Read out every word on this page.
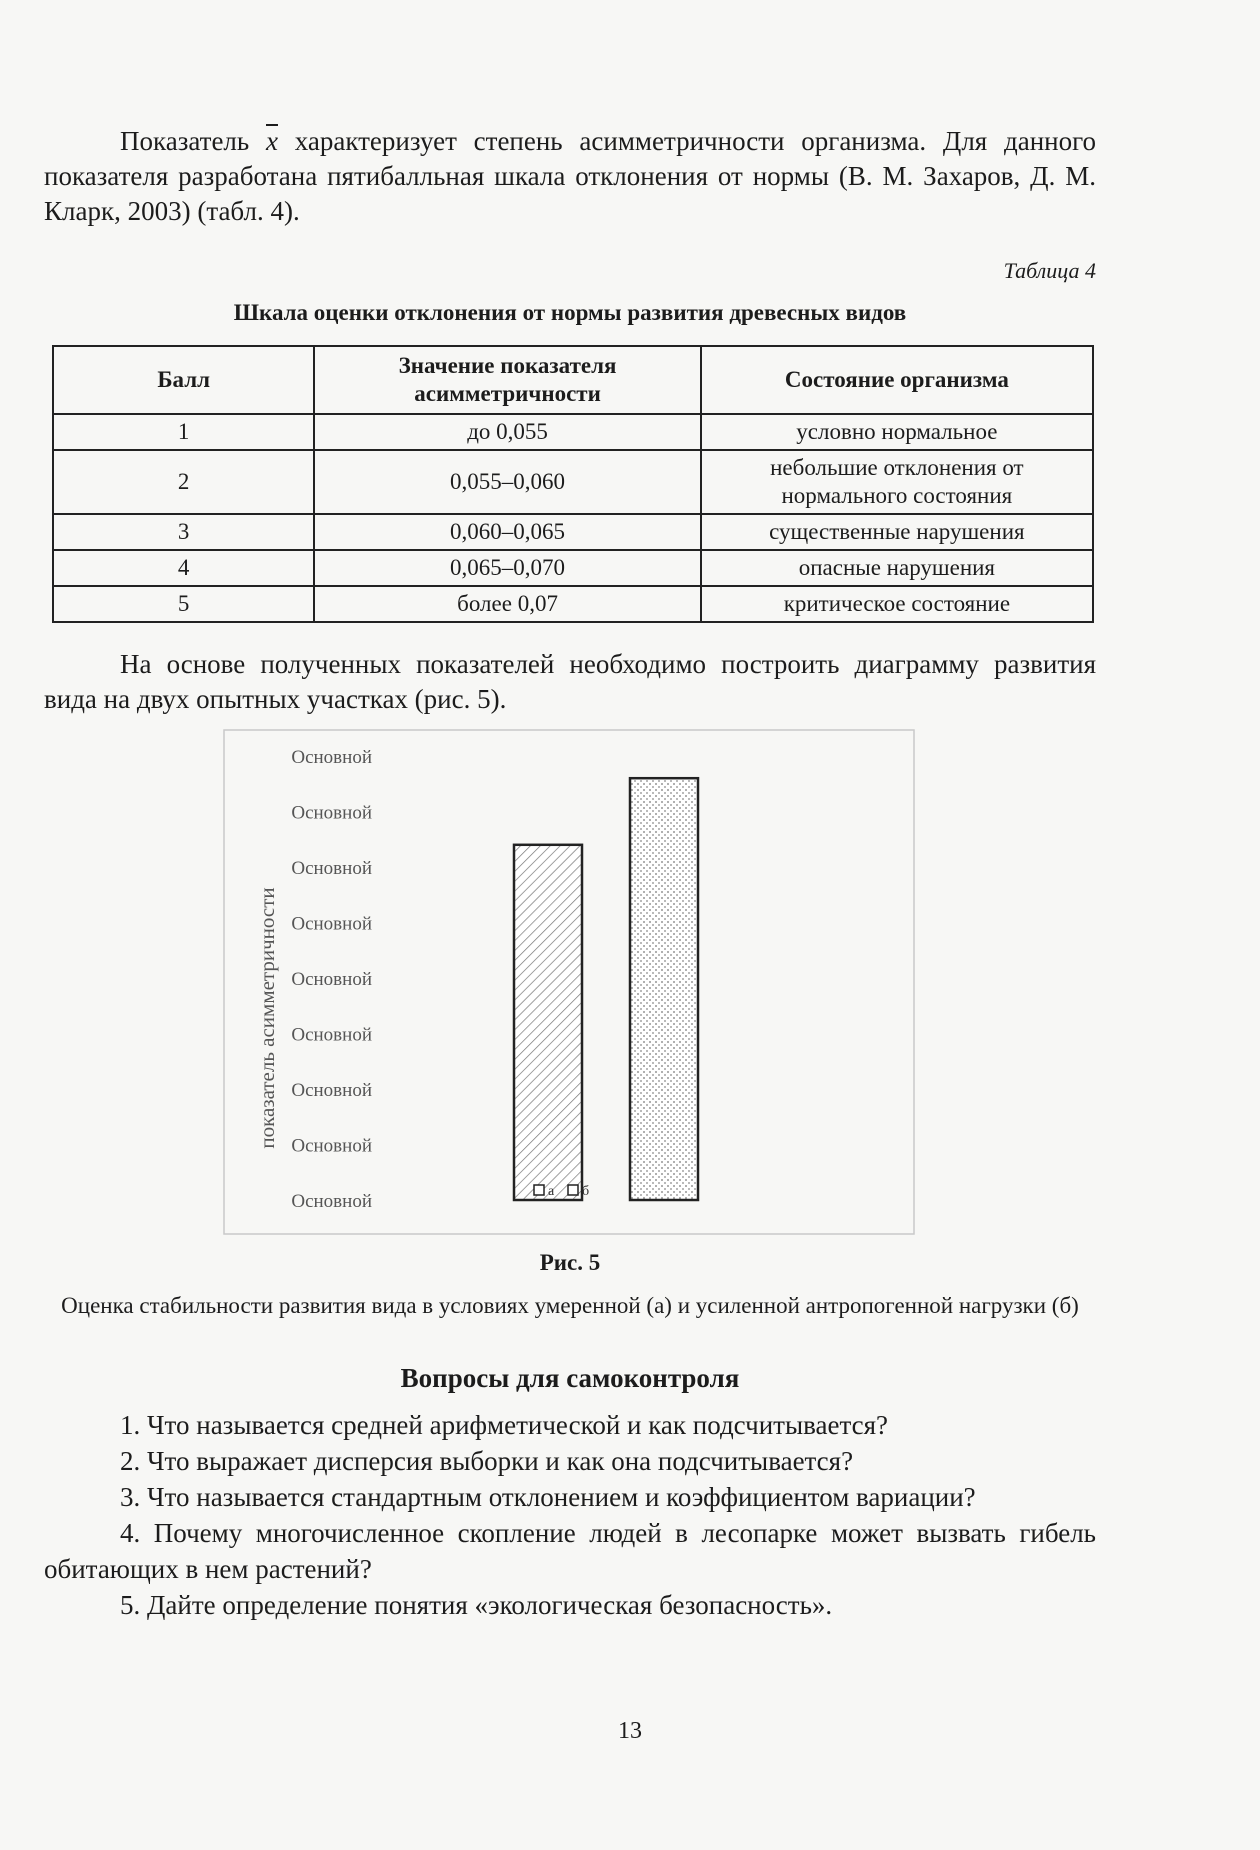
Показатель $\overline{x}$ характеризует степень асимметричности организма. Для данного показателя разработана пятибалльная шкала отклонения от нормы (В. М. Захаров, Д. М. Кларк, 2003) (табл. 4).

Таблица 4
Шкала оценки отклонения от нормы развития древесных видов
Балл	Значение показателя асимметричности	Состояние организма
1	до 0,055	условно нормальное
2	0,055–0,060	небольшие отклонения от нормального состояния
3	0,060–0,065	существенные нарушения
4	0,065–0,070	опасные нарушения
5	более 0,07	критическое состояние

На основе полученных показателей необходимо построить диаграмму развития вида на двух опытных участках (рис. 5).

показатель асимметричности
Основной
Основной
Основной
Основной
Основной
Основной
Основной
Основной
Основной
а б
Рис. 5
Оценка стабильности развития вида в условиях умеренной (а) и усиленной антропогенной нагрузки (б)
Вопросы для самоконтроля

1. Что называется средней арифметической и как подсчитывается?

2. Что выражает дисперсия выборки и как она подсчитывается?

3. Что называется стандартным отклонением и коэффициентом вариации?

4. Почему многочисленное скопление людей в лесопарке может вызвать гибель обитающих в нем растений?

5. Дайте определение понятия «экологическая безопасность».

13
